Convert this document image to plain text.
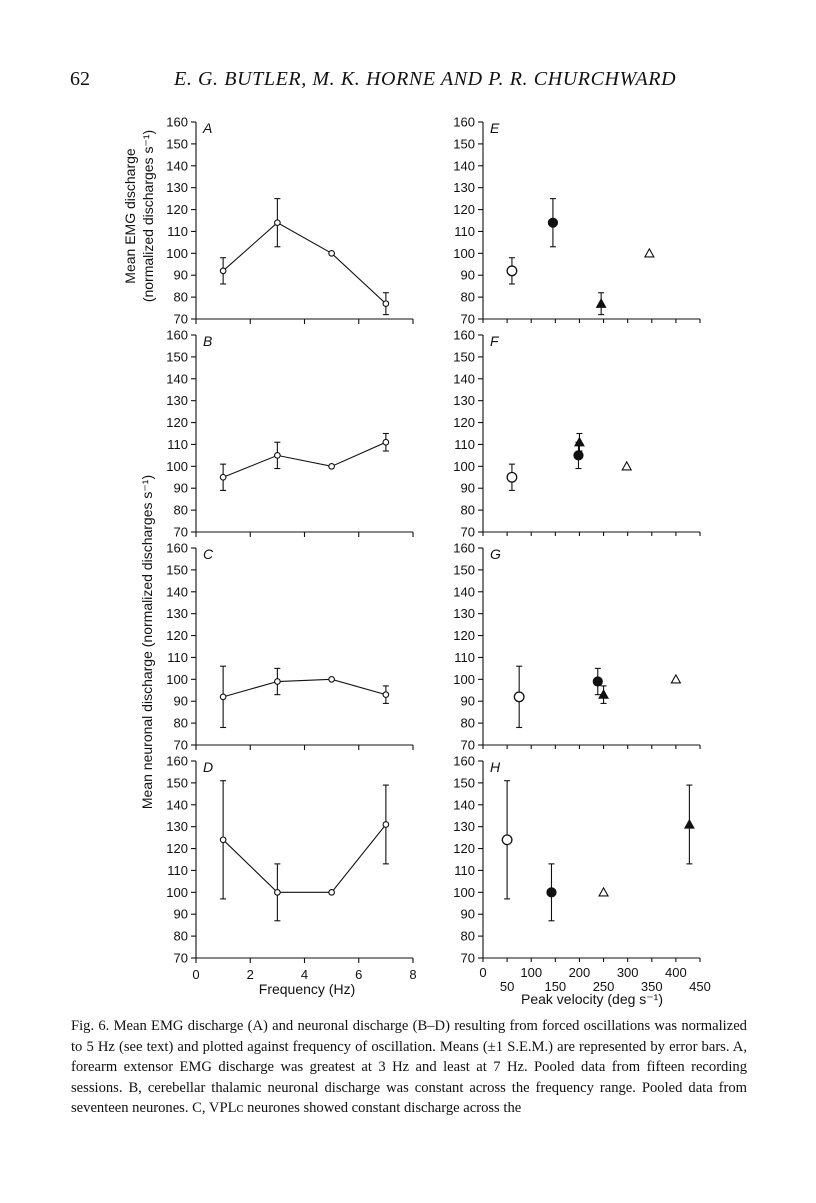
62	E. G. BUTLER, M. K. HORNE AND P. R. CHURCHWARD
70
80
90
100
110
120
130
140
150
160 A
70
80
90
100
110
120
130
140
150
160 B
70
80
90
100
110
120
130
140
150
160 C
70
80
90
100
110
120
130
140
150
160
0	2	4	6	8
D
70
80
90
100
110
120
130
140
150
160 E
70
80
90
100
110
120
130
140
150
160 F
70
80
90
100
110
120
130
140
150
160 G
70
80
90
100
110
120
130
140
150
160
0	100 200 300 400
50 150 250 350 450
H
Mean EMG discharge (normalized discharges s⁻¹)
Mean neuronal discharge (normalized discharges s⁻¹)
Frequency (Hz)
Peak velocity (deg s⁻¹)

Fig. 6. Mean EMG discharge (A) and neuronal discharge (B–D) resulting from forced oscillations was normalized to 5 Hz (see text) and plotted against frequency of oscillation. Means (±1 S.E.M.) are represented by error bars. A, forearm extensor EMG discharge was greatest at 3 Hz and least at 7 Hz. Pooled data from fifteen recording sessions. B, cerebellar thalamic neuronal discharge was constant across the frequency range. Pooled data from seventeen neurones. C, VPLᴄ neurones showed constant discharge across the
